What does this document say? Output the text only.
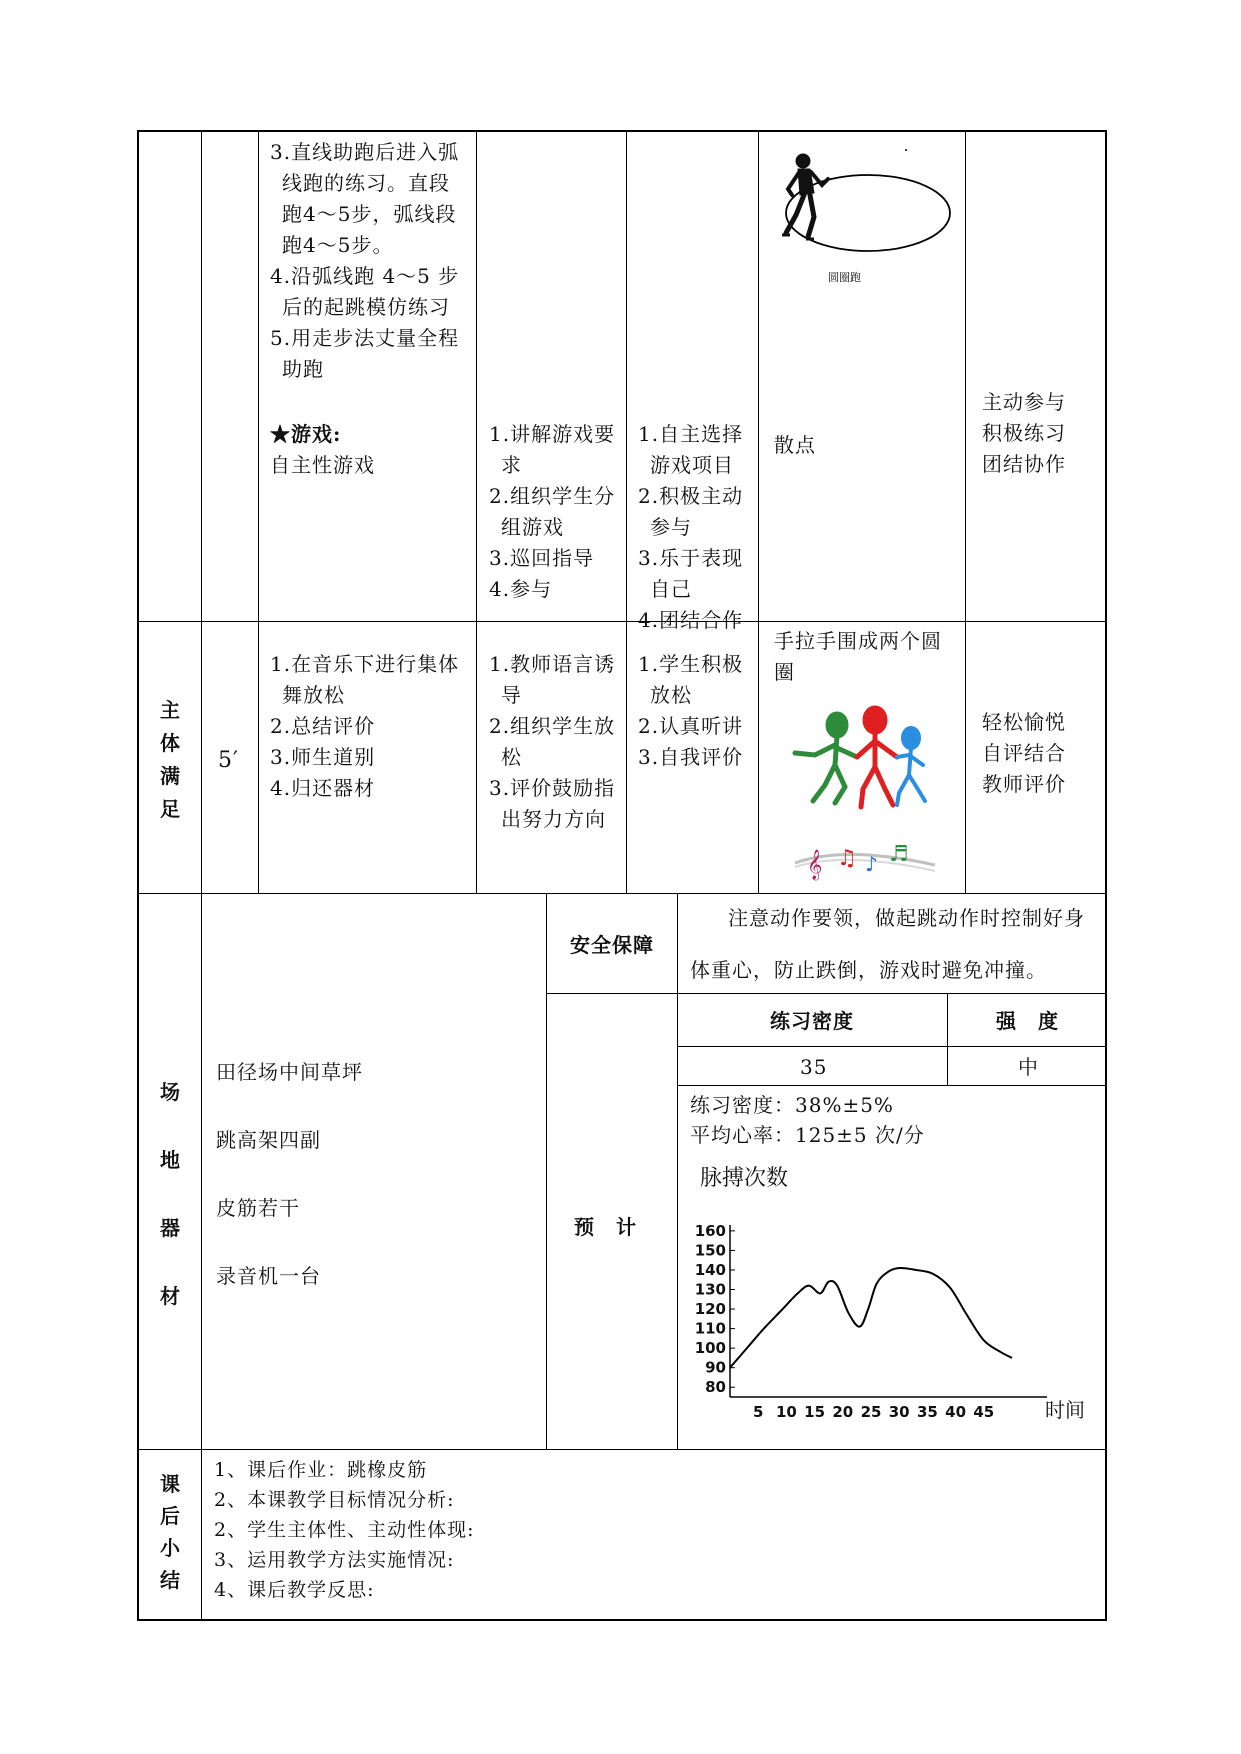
3.直线助跑后进入弧
线跑的练习。直段
跑4～5步，弧线段
跑4～5步。
4.沿弧线跑 4～5 步
后的起跳模仿练习
5.用走步法丈量全程
助跑
★游戏:
自主性游戏
1.讲解游戏要
求
2.组织学生分
组游戏
3.巡回指导
4.参与
1.自主选择
游戏项目
2.积极主动
参与
3.乐于表现
自己
4.团结合作
圆圈跑
散点
主动参与
积极练习
团结协作
主
体
满
足
5′
1.在音乐下进行集体
舞放松
2.总结评价
3.师生道别
4.归还器材
1.教师语言诱
导
2.组织学生放
松
3.评价鼓励指
出努力方向
1.学生积极
放松
2.认真听讲
3.自我评价
手拉手围成两个圆
圈
𝄞 ♫ ♪ ♬
轻松愉悦
自评结合
教师评价
场
地
器
材
田径场中间草坪
跳高架四副
皮筋若干
录音机一台
安全保障
注意动作要领，做起跳动作时控制好身
体重心，防止跌倒，游戏时避免冲撞。
预　计
练习密度	强　度
35	中
练习密度：38%±5%
平均心率：125±5 次/分
脉搏次数
时间
80
90
100
110
120
130
140
150
160
5 10 15 20 25 30 35 40 45
课
后
小
结
1、课后作业：跳橡皮筋
2、本课教学目标情况分析:
2、学生主体性、主动性体现:
3、运用教学方法实施情况:
4、课后教学反思:
